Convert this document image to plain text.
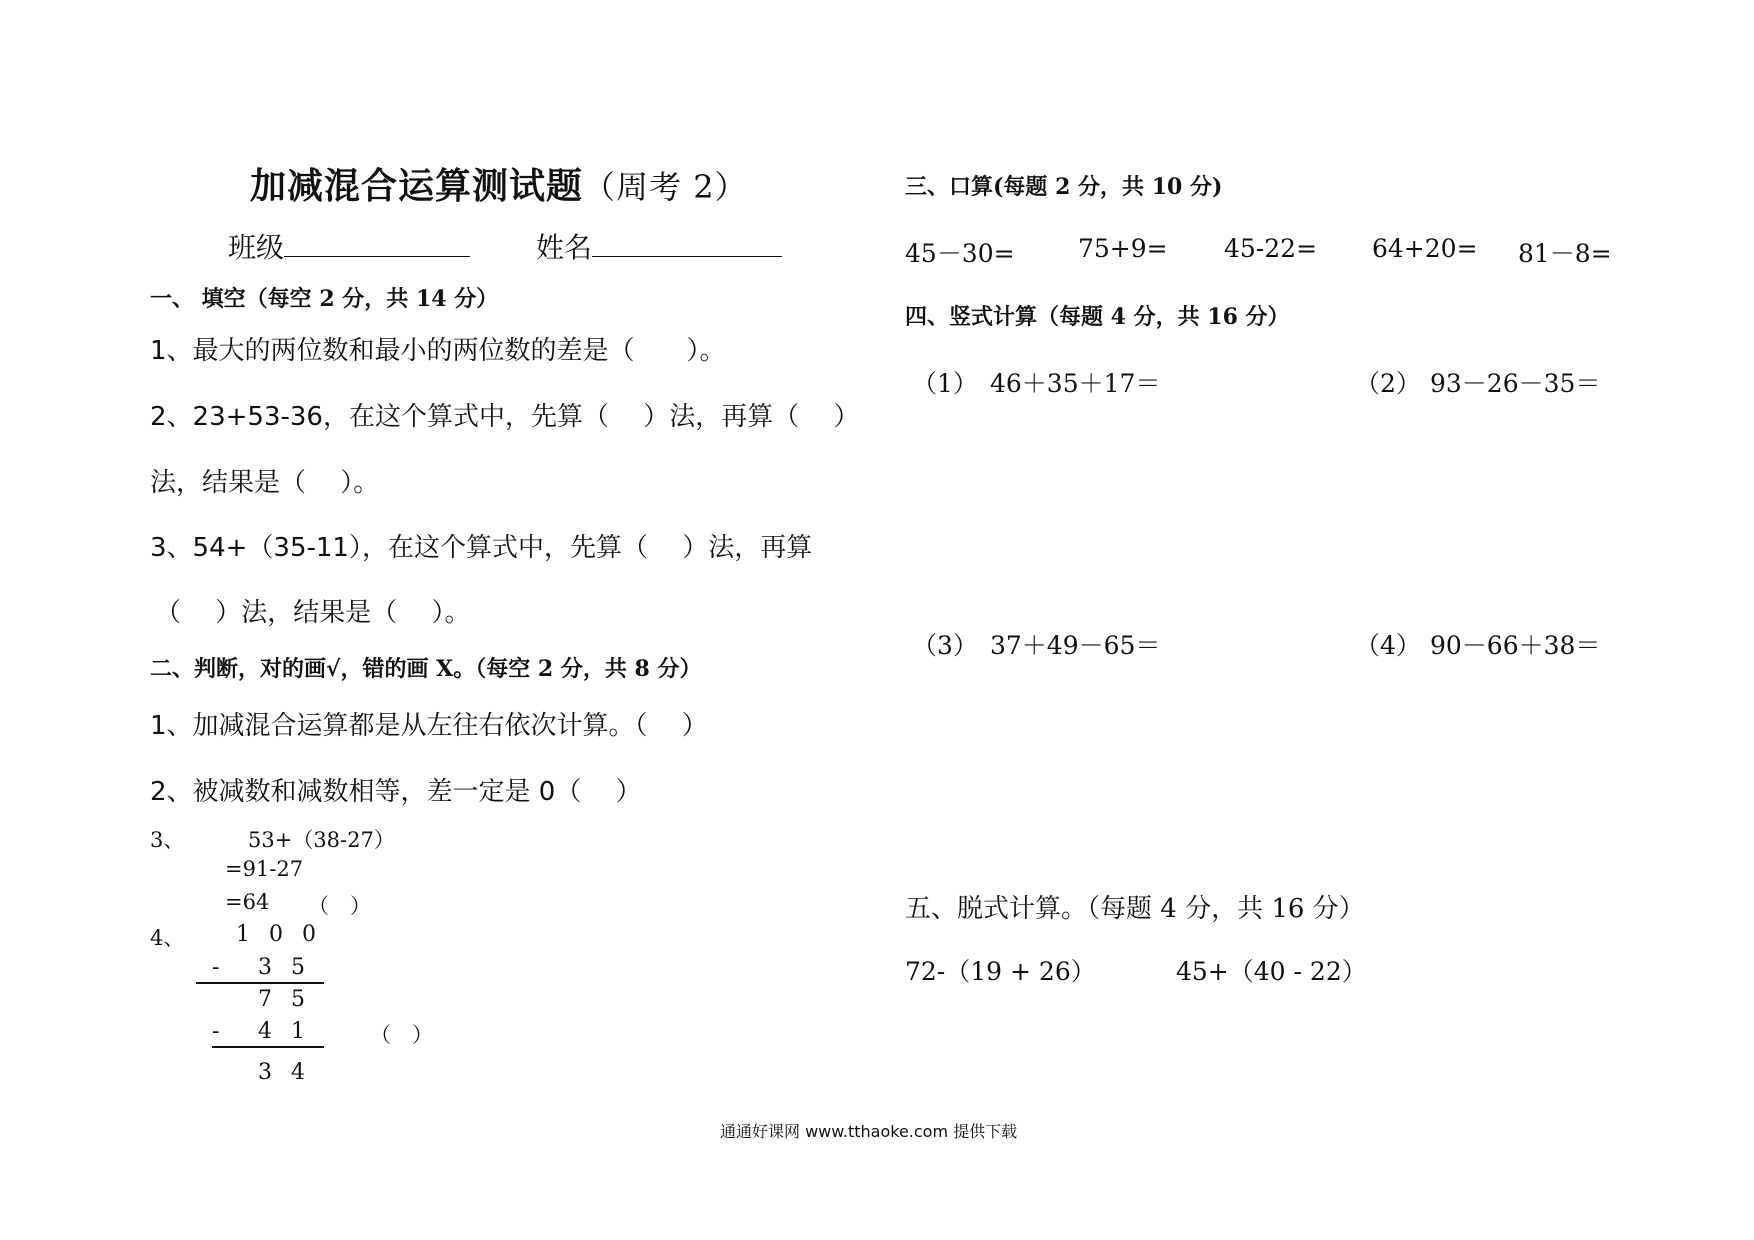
加减混合运算测试题（周考 2）
班级	姓名
一、 填空（每空 2 分，共 14 分）
1、最大的两位数和最小的两位数的差是（　　）。
2、23+53-36，在这个算式中，先算（　 ）法，再算（　 ）
法，结果是（　 ）。
3、54+（35-11），在这个算式中，先算（　 ）法，再算
（　 ）法，结果是（　 ）。
二、判断，对的画√，错的画 X。（每空 2 分，共 8 分）
1、加减混合运算都是从左往右依次计算。（　 ）
2、被减数和减数相等，差一定是 0（　 ）
3、	53+（38-27）
=91-27
=64 （　）
4、 1 0 0
- 3 5
7 5
- 4 1	（　）
3 4
三、口算(每题 2 分，共 10 分)
45－30=	75+9= 45-22= 64+20= 81－8=
四、竖式计算（每题 4 分，共 16 分）
（1） 46＋35＋17＝	（2） 93－26－35＝
（3） 37＋49－65＝	（4） 90－66＋38＝
五、脱式计算。（每题 4 分，共 16 分）
72-（19 + 26）	45+（40 - 22）
通通好课网 www.tthaoke.com 提供下载
